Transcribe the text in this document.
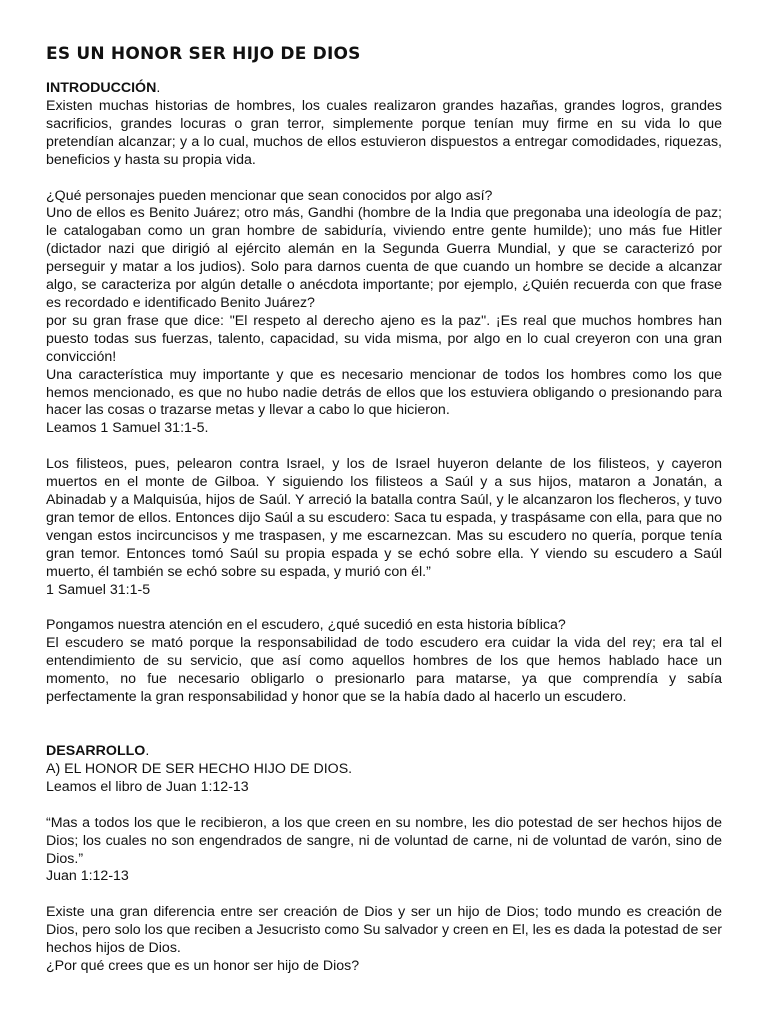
ES UN HONOR SER HIJO DE DIOS

INTRODUCCIÓN.

Existen muchas historias de hombres, los cuales realizaron grandes hazañas, grandes logros, grandes sacrificios, grandes locuras o gran terror, simplemente porque tenían muy firme en su vida lo que pretendían alcanzar; y a lo cual, muchos de ellos estuvieron dispuestos a entregar comodidades, riquezas, beneficios y hasta su propia vida.

¿Qué personajes pueden mencionar que sean conocidos por algo así?

Uno de ellos es Benito Juárez; otro más, Gandhi (hombre de la India que pregonaba una ideología de paz; le catalogaban como un gran hombre de sabiduría, viviendo entre gente humilde); uno más fue Hitler (dictador nazi que dirigió al ejército alemán en la Segunda Guerra Mundial, y que se caracterizó por perseguir y matar a los judios). Solo para darnos cuenta de que cuando un hombre se decide a alcanzar algo, se caracteriza por algún detalle o anécdota importante; por ejemplo, ¿Quién recuerda con que frase es recordado e identificado Benito Juárez?

por su gran frase que dice: "El respeto al derecho ajeno es la paz". ¡Es real que muchos hombres han puesto todas sus fuerzas, talento, capacidad, su vida misma, por algo en lo cual creyeron con una gran convicción!

Una característica muy importante y que es necesario mencionar de todos los hombres como los que hemos mencionado, es que no hubo nadie detrás de ellos que los estuviera obligando o presionando para hacer las cosas o trazarse metas y llevar a cabo lo que hicieron.

Leamos 1 Samuel 31:1-5.

Los filisteos, pues, pelearon contra Israel, y los de Israel huyeron delante de los filisteos, y cayeron muertos en el monte de Gilboa. Y siguiendo los filisteos a Saúl y a sus hijos, mataron a Jonatán, a Abinadab y a Malquisúa, hijos de Saúl. Y arreció la batalla contra Saúl, y le alcanzaron los flecheros, y tuvo gran temor de ellos. Entonces dijo Saúl a su escudero: Saca tu espada, y traspásame con ella, para que no vengan estos incircuncisos y me traspasen, y me escarnezcan. Mas su escudero no quería, porque tenía gran temor. Entonces tomó Saúl su propia espada y se echó sobre ella. Y viendo su escudero a Saúl muerto, él también se echó sobre su espada, y murió con él.”

1 Samuel 31:1-5

Pongamos nuestra atención en el escudero, ¿qué sucedió en esta historia bíblica?

El escudero se mató porque la responsabilidad de todo escudero era cuidar la vida del rey; era tal el entendimiento de su servicio, que así como aquellos hombres de los que hemos hablado hace un momento, no fue necesario obligarlo o presionarlo para matarse, ya que comprendía y sabía perfectamente la gran responsabilidad y honor que se la había dado al hacerlo un escudero.

DESARROLLO.

A) EL HONOR DE SER HECHO HIJO DE DIOS.

Leamos el libro de Juan 1:12-13

“Mas a todos los que le recibieron, a los que creen en su nombre, les dio potestad de ser hechos hijos de Dios; los cuales no son engendrados de sangre, ni de voluntad de carne, ni de voluntad de varón, sino de Dios.”

Juan 1:12-13

Existe una gran diferencia entre ser creación de Dios y ser un hijo de Dios; todo mundo es creación de Dios, pero solo los que reciben a Jesucristo como Su salvador y creen en El, les es dada la potestad de ser hechos hijos de Dios.

¿Por qué crees que es un honor ser hijo de Dios?
